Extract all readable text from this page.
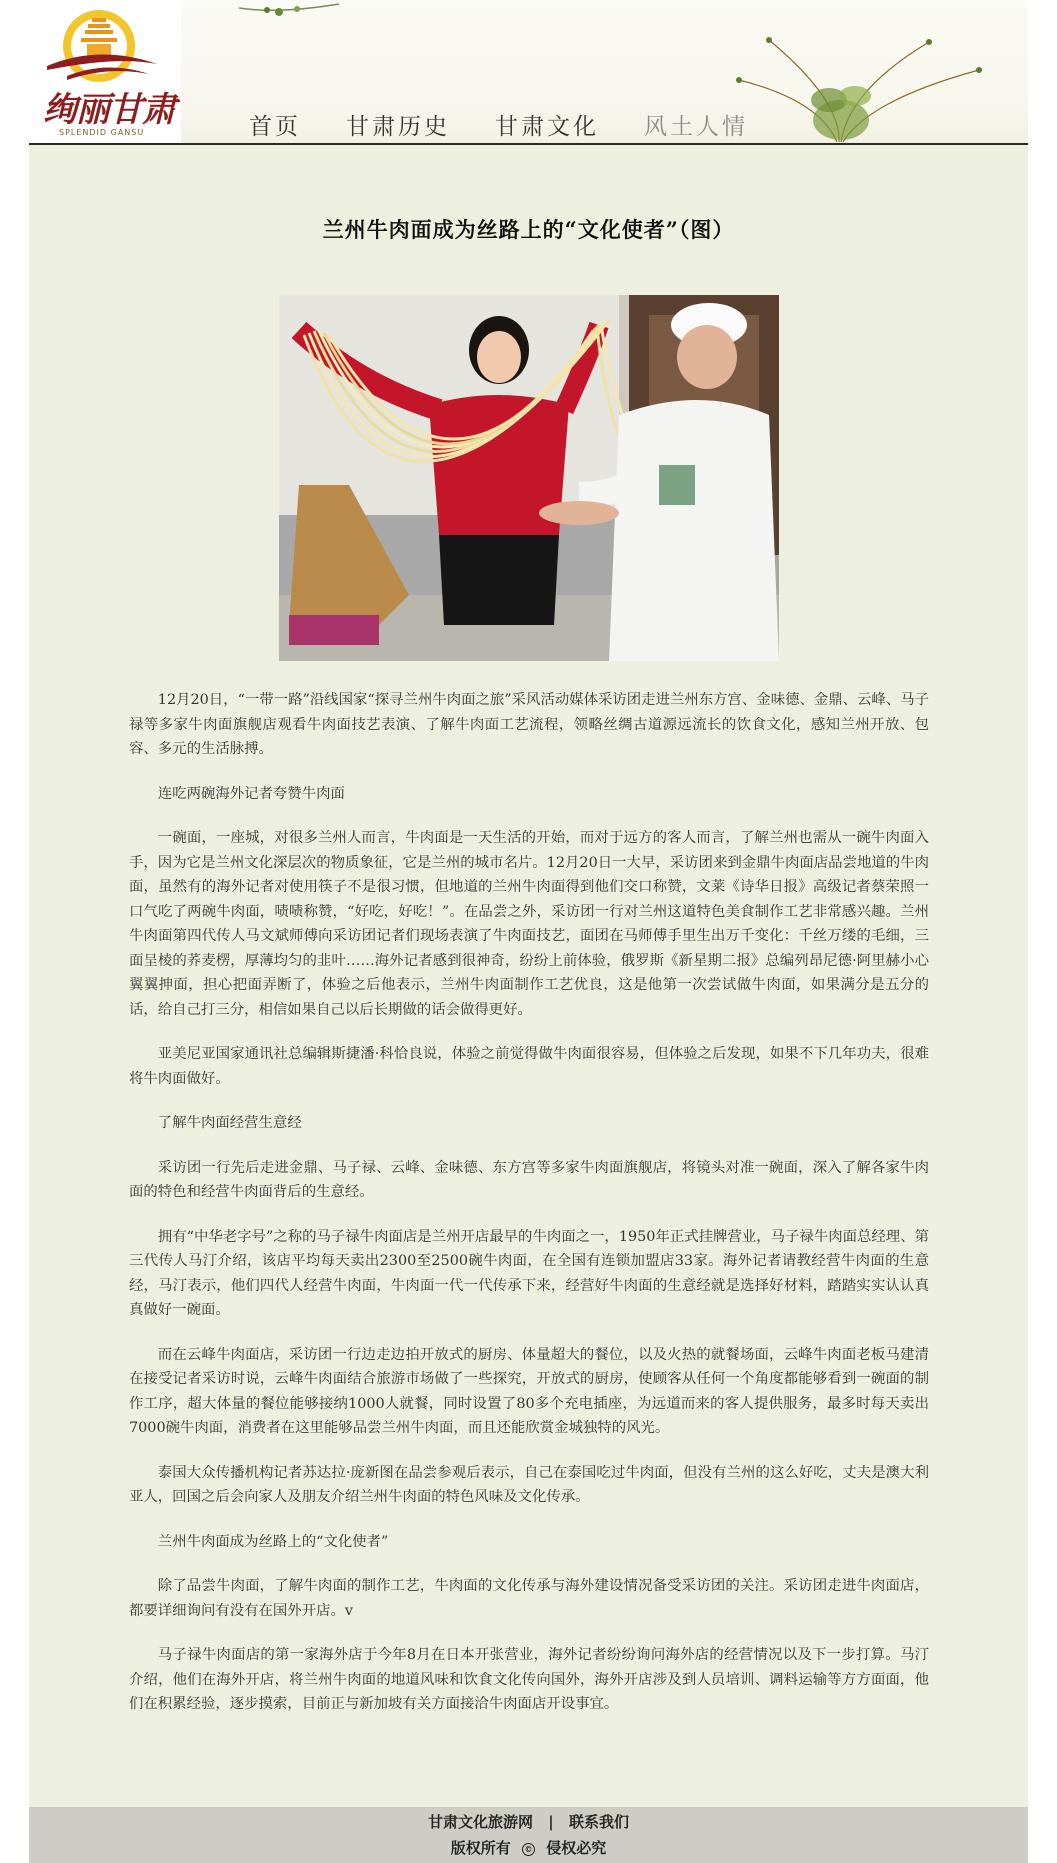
绚丽甘肃
SPLENDID GANSU	首页 甘肃历史 甘肃文化 风土人情
兰州牛肉面成为丝路上的“文化使者”（图）

12月20日，“一带一路”沿线国家“探寻兰州牛肉面之旅”采风活动媒体采访团走进兰州东方宫、金味德、金鼎、云峰、马子禄等多家牛肉面旗舰店观看牛肉面技艺表演、了解牛肉面工艺流程，领略丝绸古道源远流长的饮食文化，感知兰州开放、包容、多元的生活脉搏。

连吃两碗海外记者夸赞牛肉面

一碗面，一座城，对很多兰州人而言，牛肉面是一天生活的开始，而对于远方的客人而言，了解兰州也需从一碗牛肉面入手，因为它是兰州文化深层次的物质象征，它是兰州的城市名片。12月20日一大早，采访团来到金鼎牛肉面店品尝地道的牛肉面，虽然有的海外记者对使用筷子不是很习惯，但地道的兰州牛肉面得到他们交口称赞，文莱《诗华日报》高级记者蔡荣照一口气吃了两碗牛肉面，啧啧称赞，“好吃，好吃！”。在品尝之外，采访团一行对兰州这道特色美食制作工艺非常感兴趣。兰州牛肉面第四代传人马文斌师傅向采访团记者们现场表演了牛肉面技艺，面团在马师傅手里生出万千变化：千丝万缕的毛细，三面呈棱的荞麦楞，厚薄均匀的韭叶……海外记者感到很神奇，纷纷上前体验，俄罗斯《新星期二报》总编列昂尼德·阿里赫小心翼翼抻面，担心把面弄断了，体验之后他表示，兰州牛肉面制作工艺优良，这是他第一次尝试做牛肉面，如果满分是五分的话，给自己打三分，相信如果自己以后长期做的话会做得更好。

亚美尼亚国家通讯社总编辑斯捷潘·科恰良说，体验之前觉得做牛肉面很容易，但体验之后发现，如果不下几年功夫，很难将牛肉面做好。

了解牛肉面经营生意经

采访团一行先后走进金鼎、马子禄、云峰、金味德、东方宫等多家牛肉面旗舰店，将镜头对准一碗面，深入了解各家牛肉面的特色和经营牛肉面背后的生意经。

拥有“中华老字号”之称的马子禄牛肉面店是兰州开店最早的牛肉面之一，1950年正式挂牌营业，马子禄牛肉面总经理、第三代传人马汀介绍，该店平均每天卖出2300至2500碗牛肉面，在全国有连锁加盟店33家。海外记者请教经营牛肉面的生意经，马汀表示，他们四代人经营牛肉面，牛肉面一代一代传承下来，经营好牛肉面的生意经就是选择好材料，踏踏实实认认真真做好一碗面。

而在云峰牛肉面店，采访团一行边走边拍开放式的厨房、体量超大的餐位，以及火热的就餐场面，云峰牛肉面老板马建清在接受记者采访时说，云峰牛肉面结合旅游市场做了一些探究，开放式的厨房，使顾客从任何一个角度都能够看到一碗面的制作工序，超大体量的餐位能够接纳1000人就餐，同时设置了80多个充电插座，为远道而来的客人提供服务，最多时每天卖出7000碗牛肉面，消费者在这里能够品尝兰州牛肉面，而且还能欣赏金城独特的风光。

泰国大众传播机构记者苏达拉·庞新图在品尝参观后表示，自己在泰国吃过牛肉面，但没有兰州的这么好吃，丈夫是澳大利亚人，回国之后会向家人及朋友介绍兰州牛肉面的特色风味及文化传承。

兰州牛肉面成为丝路上的“文化使者”

除了品尝牛肉面，了解牛肉面的制作工艺，牛肉面的文化传承与海外建设情况备受采访团的关注。采访团走进牛肉面店，都要详细询问有没有在国外开店。v

马子禄牛肉面店的第一家海外店于今年8月在日本开张营业，海外记者纷纷询问海外店的经营情况以及下一步打算。马汀介绍，他们在海外开店，将兰州牛肉面的地道风味和饮食文化传向国外，海外开店涉及到人员培训、调料运输等方方面面，他们在积累经验，逐步摸索，目前正与新加坡有关方面接洽牛肉面店开设事宜。

甘肃文化旅游网 | 联系我们
版权所有 © 侵权必究
